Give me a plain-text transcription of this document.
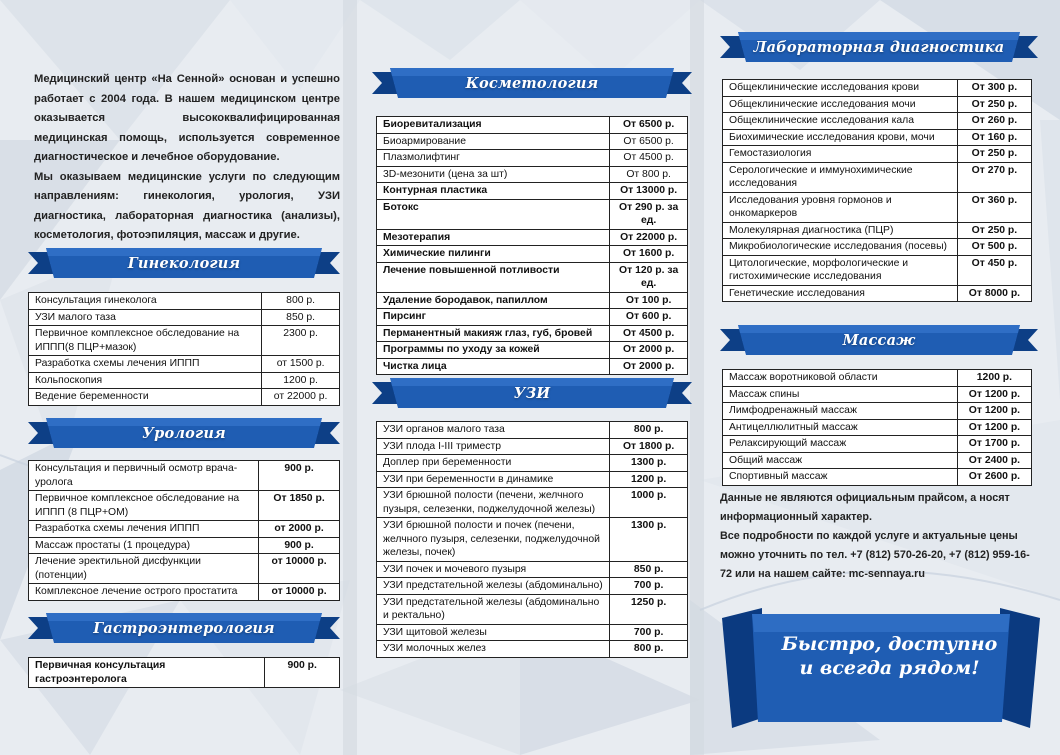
Медицинский центр «На Сенной» основан и успешно работает с 2004 года. В нашем медицинском центре оказывается высококвалифицированная медицинская помощь, используется современное диагностическое и лечебное оборудование.

Мы оказываем медицинские услуги по следующим направлениям: гинекология, урология, УЗИ диагностика, лабораторная диагностика (анализы), косметология, фотоэпиляция, массаж и другие.

Гинекология
Консультация гинеколога	800 р.
УЗИ малого таза	850 р.
Первичное комплексное обследование на ИППП(8 ПЦР+мазок)	2300 р.
Разработка схемы лечения ИППП	от 1500 р.
Кольпоскопия	1200 р.
Ведение беременности	от 22000 р.
Урология
Консультация и первичный осмотр врача-уролога	900 р.
Первичное комплексное обследование на ИППП (8 ПЦР+ОМ)	От 1850 р.
Разработка схемы лечения ИППП	от 2000 р.
Массаж простаты (1 процедура)	900 р.
Лечение эректильной дисфункции (потенции)	от 10000 р.
Комплексное лечение острого простатита	от 10000 р.
Гастроэнтерология
Первичная консультация гастроэнтеролога	900 р.
Косметология
Биоревитализация	От 6500 р.
Биоармирование	От 6500 р.
Плазмолифтинг	От 4500 р.
3D-мезонити (цена за шт)	От 800 р.
Контурная пластика	От 13000 р.
Ботокс	От 290 р. за ед.
Мезотерапия	От 22000 р.
Химические пилинги	От 1600 р.
Лечение повышенной потливости	От 120 р. за ед.
Удаление бородавок, папиллом	От 100 р.
Пирсинг	От 600 р.
Перманентный макияж глаз, губ, бровей	От 4500 р.
Программы по уходу за кожей	От 2000 р.
Чистка лица	От 2000 р.
УЗИ
УЗИ органов малого таза	800 р.
УЗИ плода I-III триместр	От 1800 р.
Доплер при беременности	1300 р.
УЗИ при беременности в динамике	1200 р.
УЗИ брюшной полости (печени, желчного пузыря, селезенки, поджелудочной железы)	1000 р.
УЗИ брюшной полости и почек (печени, желчного пузыря, селезенки, поджелудочной железы, почек)	1300 р.
УЗИ почек и мочевого пузыря	850 р.
УЗИ предстательной железы (абдоминально)	700 р.
УЗИ предстательной железы (абдоминально и ректально)	1250 р.
УЗИ щитовой железы	700 р.
УЗИ молочных желез	800 р.
Лабораторная диагностика
Общеклинические исследования крови	От 300 р.
Общеклинические исследования мочи	От 250 р.
Общеклинические исследования кала	От 260 р.
Биохимические исследования крови, мочи	От 160 р.
Гемостазиология	От 250 р.
Серологические и иммунохимические исследования	От 270 р.
Исследования уровня гормонов и онкомаркеров	От 360 р.
Молекулярная диагностика (ПЦР)	От 250 р.
Микробиологические исследования (посевы)	От 500 р.
Цитологические, морфологические и гистохимические исследования	От 450 р.
Генетические исследования	От 8000 р.
Массаж
Массаж воротниковой области	1200 р.
Массаж спины	От 1200 р.
Лимфодренажный массаж	От 1200 р.
Антицеллюлитный массаж	От 1200 р.
Релаксирующий массаж	От 1700 р.
Общий массаж	От 2400 р.
Спортивный массаж	От 2600 р.

Данные не являются официальным прайсом, а носят информационный характер.

Все подробности по каждой услуге и актуальные цены можно уточнить по тел. +7 (812) 570-26-20, +7 (812) 959-16-72 или на нашем сайте: mc-sennaya.ru

Быстро, доступно
и всегда рядом!
